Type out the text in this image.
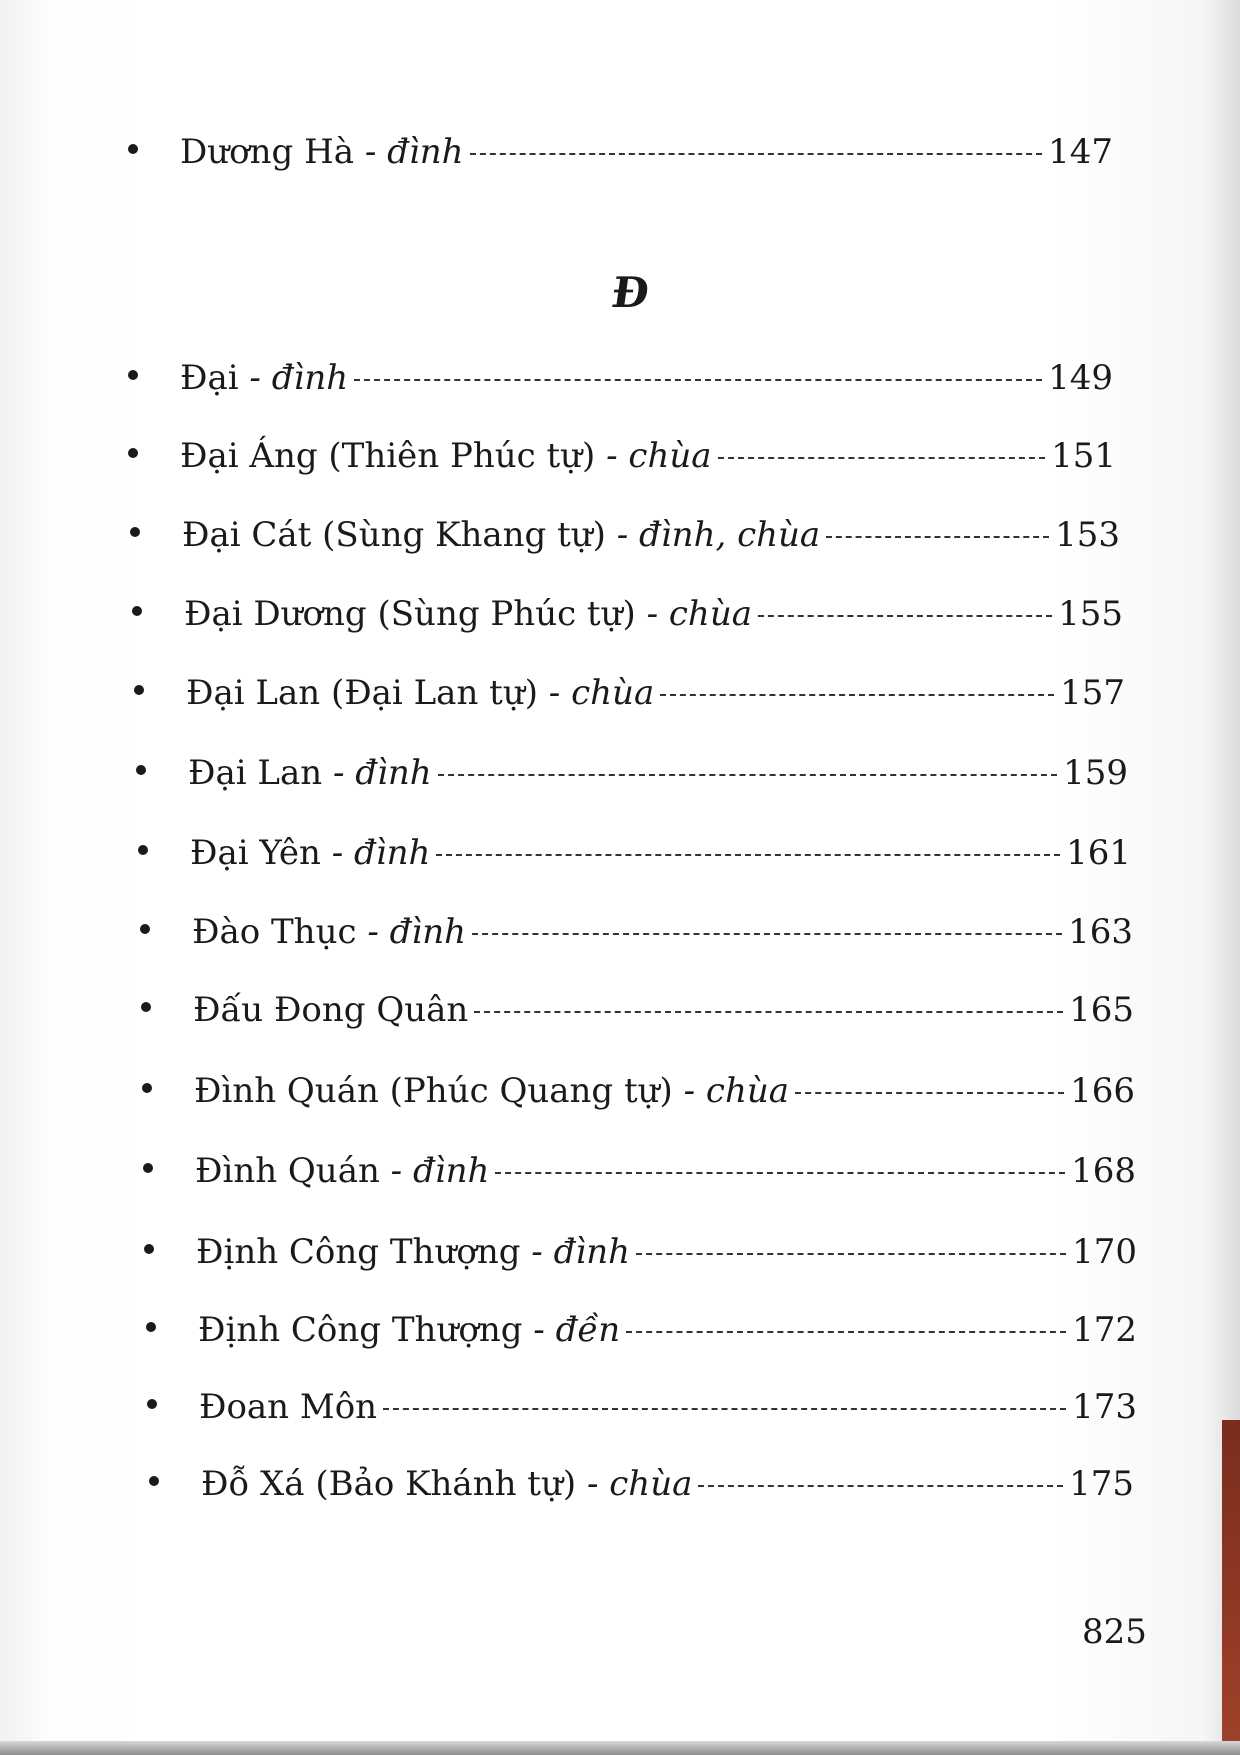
Dương Hà - đình	147
Đ
Đại - đình	149
Đại Áng (Thiên Phúc tự) - chùa	151
Đại Cát (Sùng Khang tự) - đình, chùa	153
Đại Dương (Sùng Phúc tự) - chùa	155
Đại Lan (Đại Lan tự) - chùa	157
Đại Lan - đình	159
Đại Yên - đình	161
Đào Thục - đình	163
Đấu Đong Quân	165
Đình Quán (Phúc Quang tự) - chùa	166
Đình Quán - đình	168
Định Công Thượng - đình	170
Định Công Thượng - đền	172
Đoan Môn	173
Đỗ Xá (Bảo Khánh tự) - chùa	175
825
